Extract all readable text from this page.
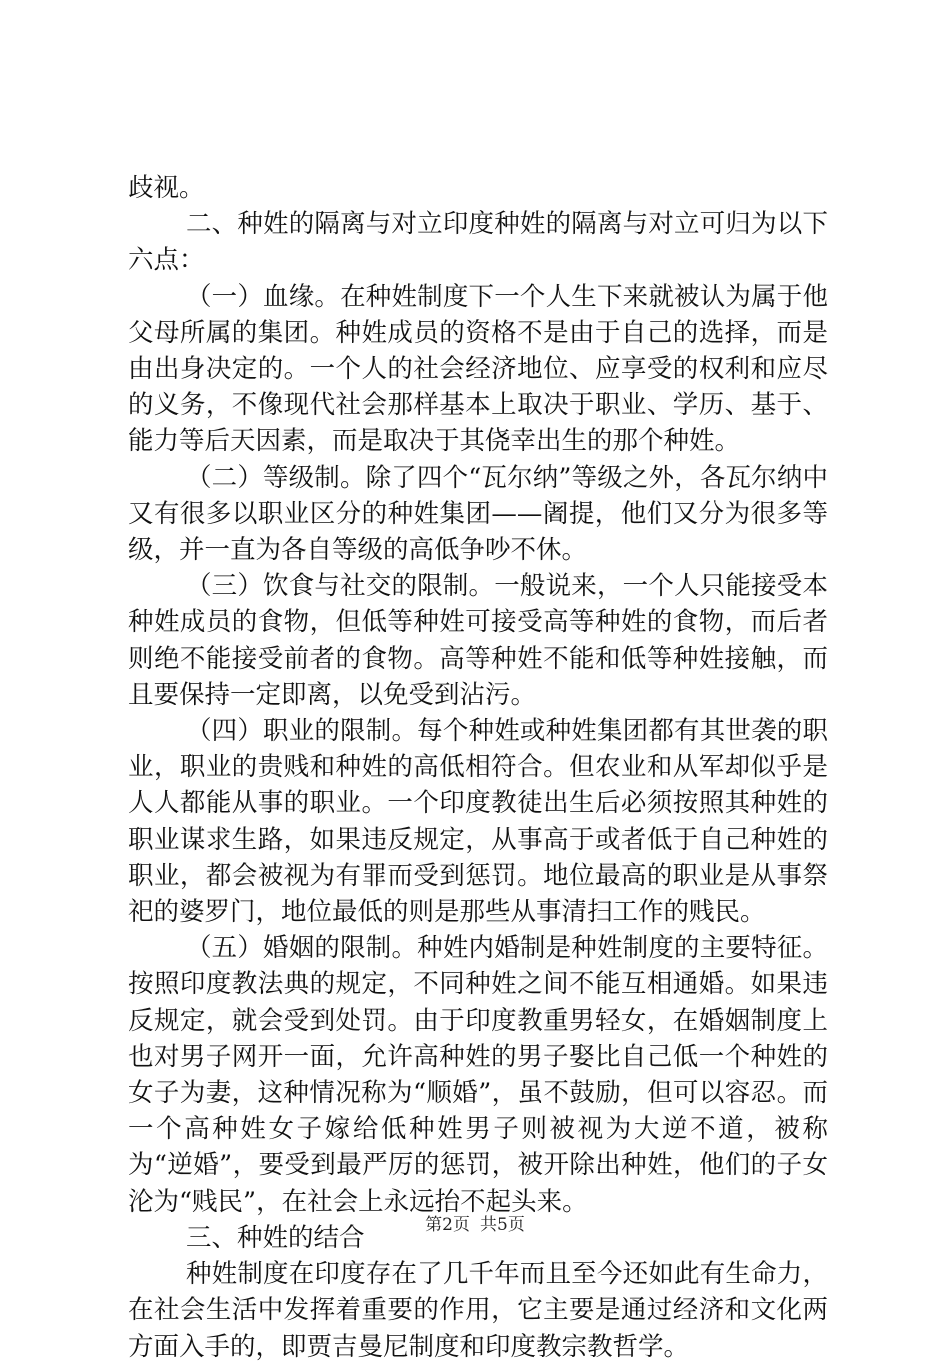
歧视。

二、种姓的隔离与对立印度种姓的隔离与对立可归为以下六点：

（一）血缘。在种姓制度下一个人生下来就被认为属于他父母所属的集团。种姓成员的资格不是由于自己的选择，而是由出身决定的。一个人的社会经济地位、应享受的权利和应尽的义务，不像现代社会那样基本上取决于职业、学历、基于、能力等后天因素，而是取决于其侥幸出生的那个种姓。

（二）等级制。除了四个“瓦尔纳”等级之外，各瓦尔纳中又有很多以职业区分的种姓集团——阇提，他们又分为很多等级，并一直为各自等级的高低争吵不休。

（三）饮食与社交的限制。一般说来，一个人只能接受本种姓成员的食物，但低等种姓可接受高等种姓的食物，而后者则绝不能接受前者的食物。高等种姓不能和低等种姓接触，而且要保持一定即离，以免受到沾污。

（四）职业的限制。每个种姓或种姓集团都有其世袭的职业，职业的贵贱和种姓的高低相符合。但农业和从军却似乎是人人都能从事的职业。一个印度教徒出生后必须按照其种姓的职业谋求生路，如果违反规定，从事高于或者低于自己种姓的职业，都会被视为有罪而受到惩罚。地位最高的职业是从事祭祀的婆罗门，地位最低的则是那些从事清扫工作的贱民。

（五）婚姻的限制。种姓内婚制是种姓制度的主要特征。按照印度教法典的规定，不同种姓之间不能互相通婚。如果违反规定，就会受到处罚。由于印度教重男轻女，在婚姻制度上也对男子网开一面，允许高种姓的男子娶比自己低一个种姓的女子为妻，这种情况称为“顺婚”，虽不鼓励，但可以容忍。而一个高种姓女子嫁给低种姓男子则被视为大逆不道，被称为“逆婚”，要受到最严厉的惩罚，被开除出种姓，他们的子女沦为“贱民”，在社会上永远抬不起头来。

三、种姓的结合

种姓制度在印度存在了几千年而且至今还如此有生命力，在社会生活中发挥着重要的作用，它主要是通过经济和文化两方面入手的，即贾吉曼尼制度和印度教宗教哲学。

第2页 共5页
